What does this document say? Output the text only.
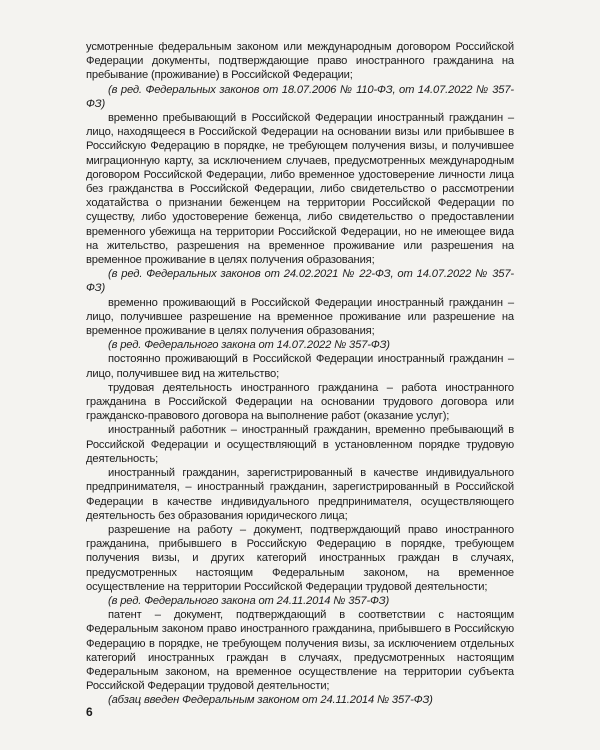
усмотренные федеральным законом или международным договором Российской Федерации документы, подтверждающие право иностранного гражданина на пребывание (проживание) в Российской Федерации;

(в ред. Федеральных законов от 18.07.2006 № 110-ФЗ, от 14.07.2022 № 357-ФЗ)

временно пребывающий в Российской Федерации иностранный гражданин – лицо, находящееся в Российской Федерации на основании визы или прибывшее в Российскую Федерацию в порядке, не требующем получения визы, и получившее миграционную карту, за исключением случаев, предусмотренных международным договором Российской Федерации, либо временное удостоверение личности лица без гражданства в Российской Федерации, либо свидетельство о рассмотрении ходатайства о признании беженцем на территории Российской Федерации по существу, либо удостоверение беженца, либо свидетельство о предоставлении временного убежища на территории Российской Федерации, но не имеющее вида на жительство, разрешения на временное проживание или разрешения на временное проживание в целях получения образования;

(в ред. Федеральных законов от 24.02.2021 № 22-ФЗ, от 14.07.2022 № 357-ФЗ)

временно проживающий в Российской Федерации иностранный гражданин – лицо, получившее разрешение на временное проживание или разрешение на временное проживание в целях получения образования;

(в ред. Федерального закона от 14.07.2022 № 357-ФЗ)

постоянно проживающий в Российской Федерации иностранный гражданин – лицо, получившее вид на жительство;

трудовая деятельность иностранного гражданина – работа иностранного гражданина в Российской Федерации на основании трудового договора или гражданско-правового договора на выполнение работ (оказание услуг);

иностранный работник – иностранный гражданин, временно пребывающий в Российской Федерации и осуществляющий в установленном порядке трудовую деятельность;

иностранный гражданин, зарегистрированный в качестве индивидуального предпринимателя, – иностранный гражданин, зарегистрированный в Российской Федерации в качестве индивидуального предпринимателя, осуществляющего деятельность без образования юридического лица;

разрешение на работу – документ, подтверждающий право иностранного гражданина, прибывшего в Российскую Федерацию в порядке, требующем получения визы, и других категорий иностранных граждан в случаях, предусмотренных настоящим Федеральным законом, на временное осуществление на территории Российской Федерации трудовой деятельности;

(в ред. Федерального закона от 24.11.2014 № 357-ФЗ)

патент – документ, подтверждающий в соответствии с настоящим Федеральным законом право иностранного гражданина, прибывшего в Российскую Федерацию в порядке, не требующем получения визы, за исключением отдельных категорий иностранных граждан в случаях, предусмотренных настоящим Федеральным законом, на временное осуществление на территории субъекта Российской Федерации трудовой деятельности;

(абзац введен Федеральным законом от 24.11.2014 № 357-ФЗ)

6
